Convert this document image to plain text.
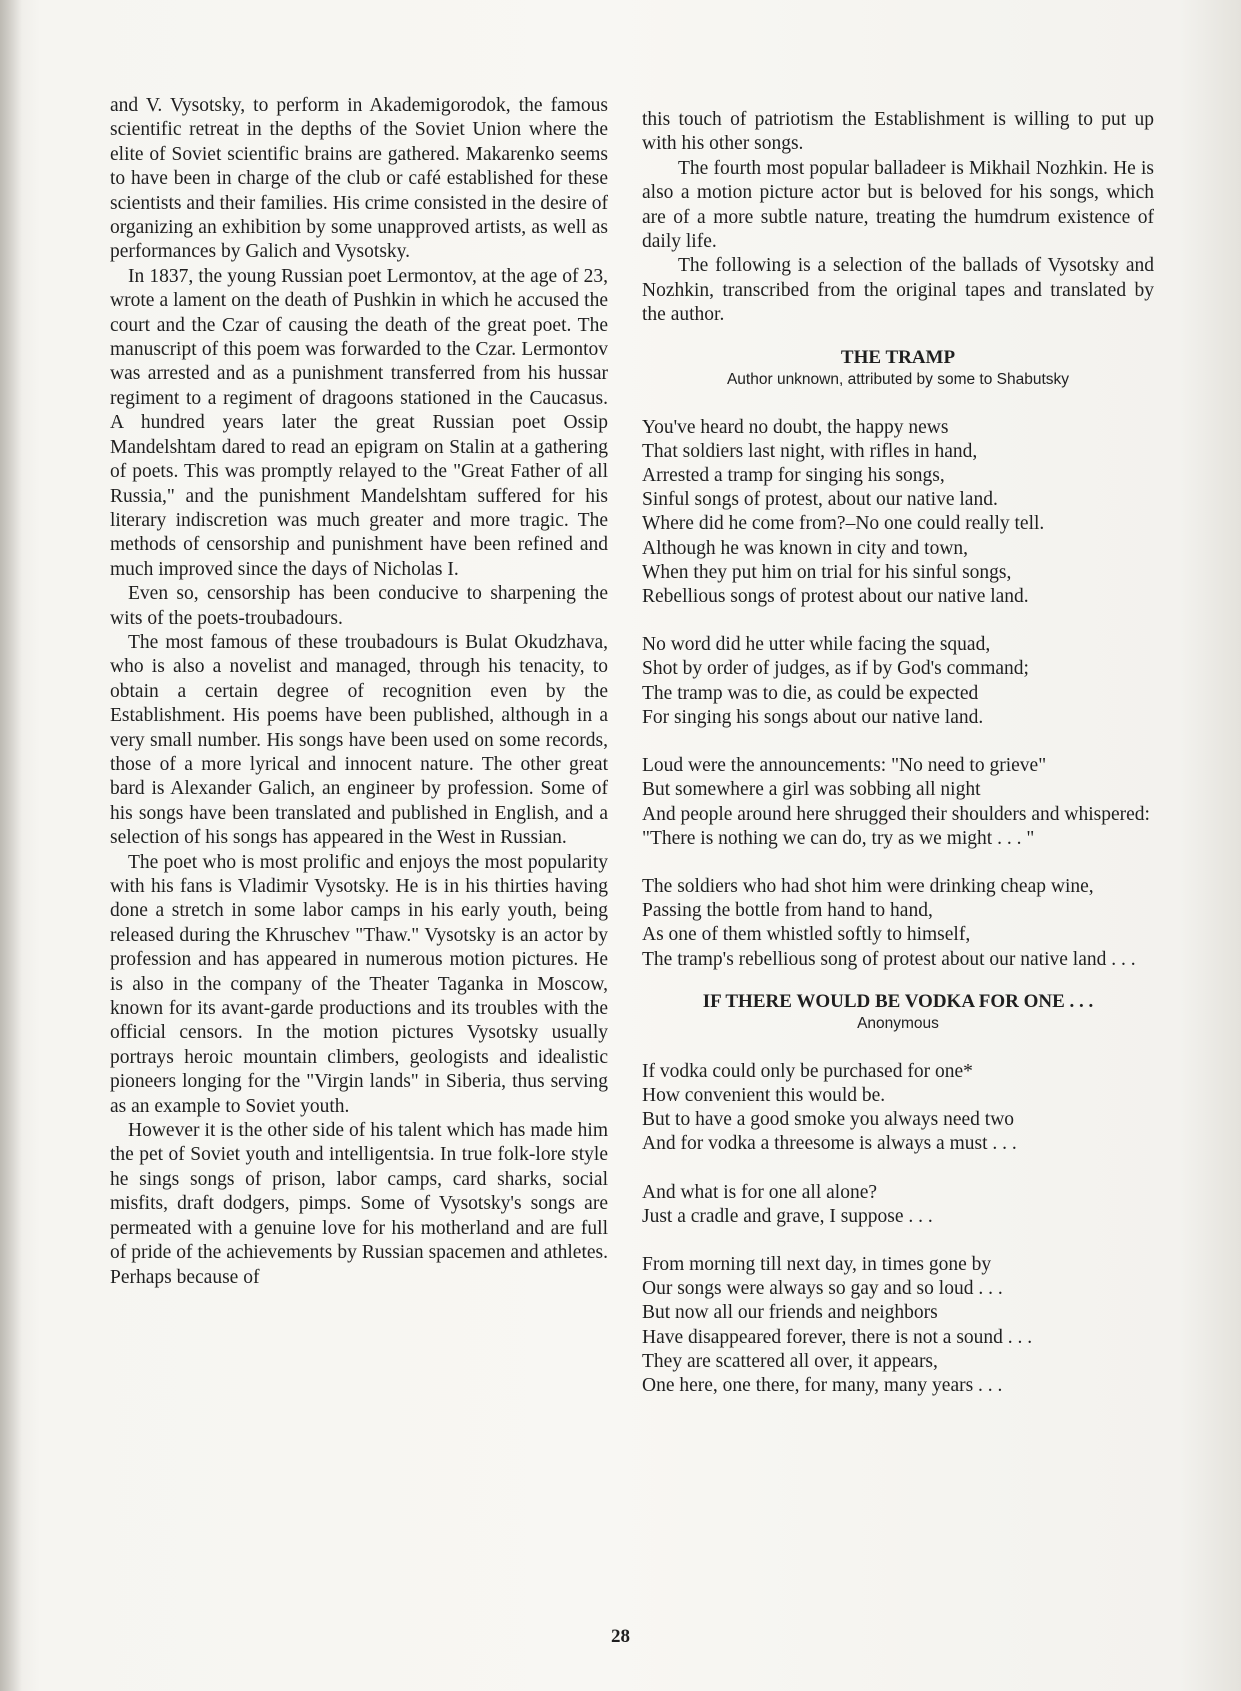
and V. Vysotsky, to perform in Akademigorodok, the famous scientific retreat in the depths of the Soviet Union where the elite of Soviet scientific brains are gathered. Makarenko seems to have been in charge of the club or café established for these scientists and their families. His crime consisted in the desire of organizing an exhibition by some unapproved artists, as well as performances by Galich and Vysotsky.

In 1837, the young Russian poet Lermontov, at the age of 23, wrote a lament on the death of Pushkin in which he accused the court and the Czar of causing the death of the great poet. The manuscript of this poem was forwarded to the Czar. Lermontov was arrested and as a punishment transferred from his hussar regiment to a regiment of dragoons stationed in the Caucasus. A hundred years later the great Russian poet Ossip Mandelshtam dared to read an epigram on Stalin at a gathering of poets. This was promptly relayed to the "Great Father of all Russia," and the punishment Mandelshtam suffered for his literary indiscretion was much greater and more tragic. The methods of censorship and punishment have been refined and much improved since the days of Nicholas I.

Even so, censorship has been conducive to sharpening the wits of the poets-troubadours.

The most famous of these troubadours is Bulat Okudzhava, who is also a novelist and managed, through his tenacity, to obtain a certain degree of recognition even by the Establishment. His poems have been published, although in a very small number. His songs have been used on some records, those of a more lyrical and innocent nature. The other great bard is Alexander Galich, an engineer by profession. Some of his songs have been translated and published in English, and a selection of his songs has appeared in the West in Russian.

The poet who is most prolific and enjoys the most popularity with his fans is Vladimir Vysotsky. He is in his thirties having done a stretch in some labor camps in his early youth, being released during the Khruschev "Thaw." Vysotsky is an actor by profession and has appeared in numerous motion pictures. He is also in the company of the Theater Taganka in Moscow, known for its avant-garde productions and its troubles with the official censors. In the motion pictures Vysotsky usually portrays heroic mountain climbers, geologists and idealistic pioneers longing for the "Virgin lands" in Siberia, thus serving as an example to Soviet youth.

However it is the other side of his talent which has made him the pet of Soviet youth and intelligentsia. In true folk-lore style he sings songs of prison, labor camps, card sharks, social misfits, draft dodgers, pimps. Some of Vysotsky's songs are permeated with a genuine love for his motherland and are full of pride of the achievements by Russian spacemen and athletes. Perhaps because of

this touch of patriotism the Establishment is willing to put up with his other songs.

The fourth most popular balladeer is Mikhail Nozhkin. He is also a motion picture actor but is beloved for his songs, which are of a more subtle nature, treating the humdrum existence of daily life.

The following is a selection of the ballads of Vysotsky and Nozhkin, transcribed from the original tapes and translated by the author.

THE TRAMP
Author unknown, attributed by some to Shabutsky
You've heard no doubt, the happy news
That soldiers last night, with rifles in hand,
Arrested a tramp for singing his songs,
Sinful songs of protest, about our native land.
Where did he come from?–No one could really tell.
Although he was known in city and town,
When they put him on trial for his sinful songs,
Rebellious songs of protest about our native land.
No word did he utter while facing the squad,
Shot by order of judges, as if by God's command;
The tramp was to die, as could be expected
For singing his songs about our native land.
Loud were the announcements: "No need to grieve"
But somewhere a girl was sobbing all night
And people around here shrugged their shoulders and whispered:
"There is nothing we can do, try as we might . . . "
The soldiers who had shot him were drinking cheap wine,
Passing the bottle from hand to hand,
As one of them whistled softly to himself,
The tramp's rebellious song of protest about our native land . . .
IF THERE WOULD BE VODKA FOR ONE . . .
Anonymous
If vodka could only be purchased for one*
How convenient this would be.
But to have a good smoke you always need two
And for vodka a threesome is always a must . . .
And what is for one all alone?
Just a cradle and grave, I suppose . . .
From morning till next day, in times gone by
Our songs were always so gay and so loud . . .
But now all our friends and neighbors
Have disappeared forever, there is not a sound . . .
They are scattered all over, it appears,
One here, one there, for many, many years . . .
28
